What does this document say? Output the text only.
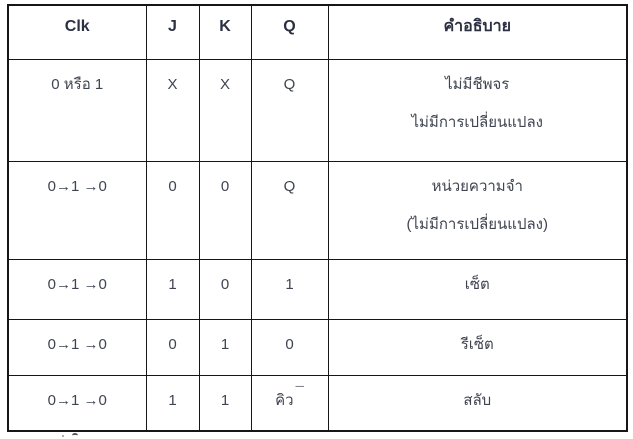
Clk	J	K	Q	คำอธิบาย
0 หรือ 1	X	X	Q	ไม่มีชีพจร
ไม่มีการเปลี่ยนแปลง

0→1 →0	0	0	Q	หน่วยความจำ
(ไม่มีการเปลี่ยนแปลง)

0→1 →0	1	0	1	เซ็ต

0→1 →0	0	1	0	รีเซ็ต

0→1 →0	1	1	คิว ¯	สลับ
